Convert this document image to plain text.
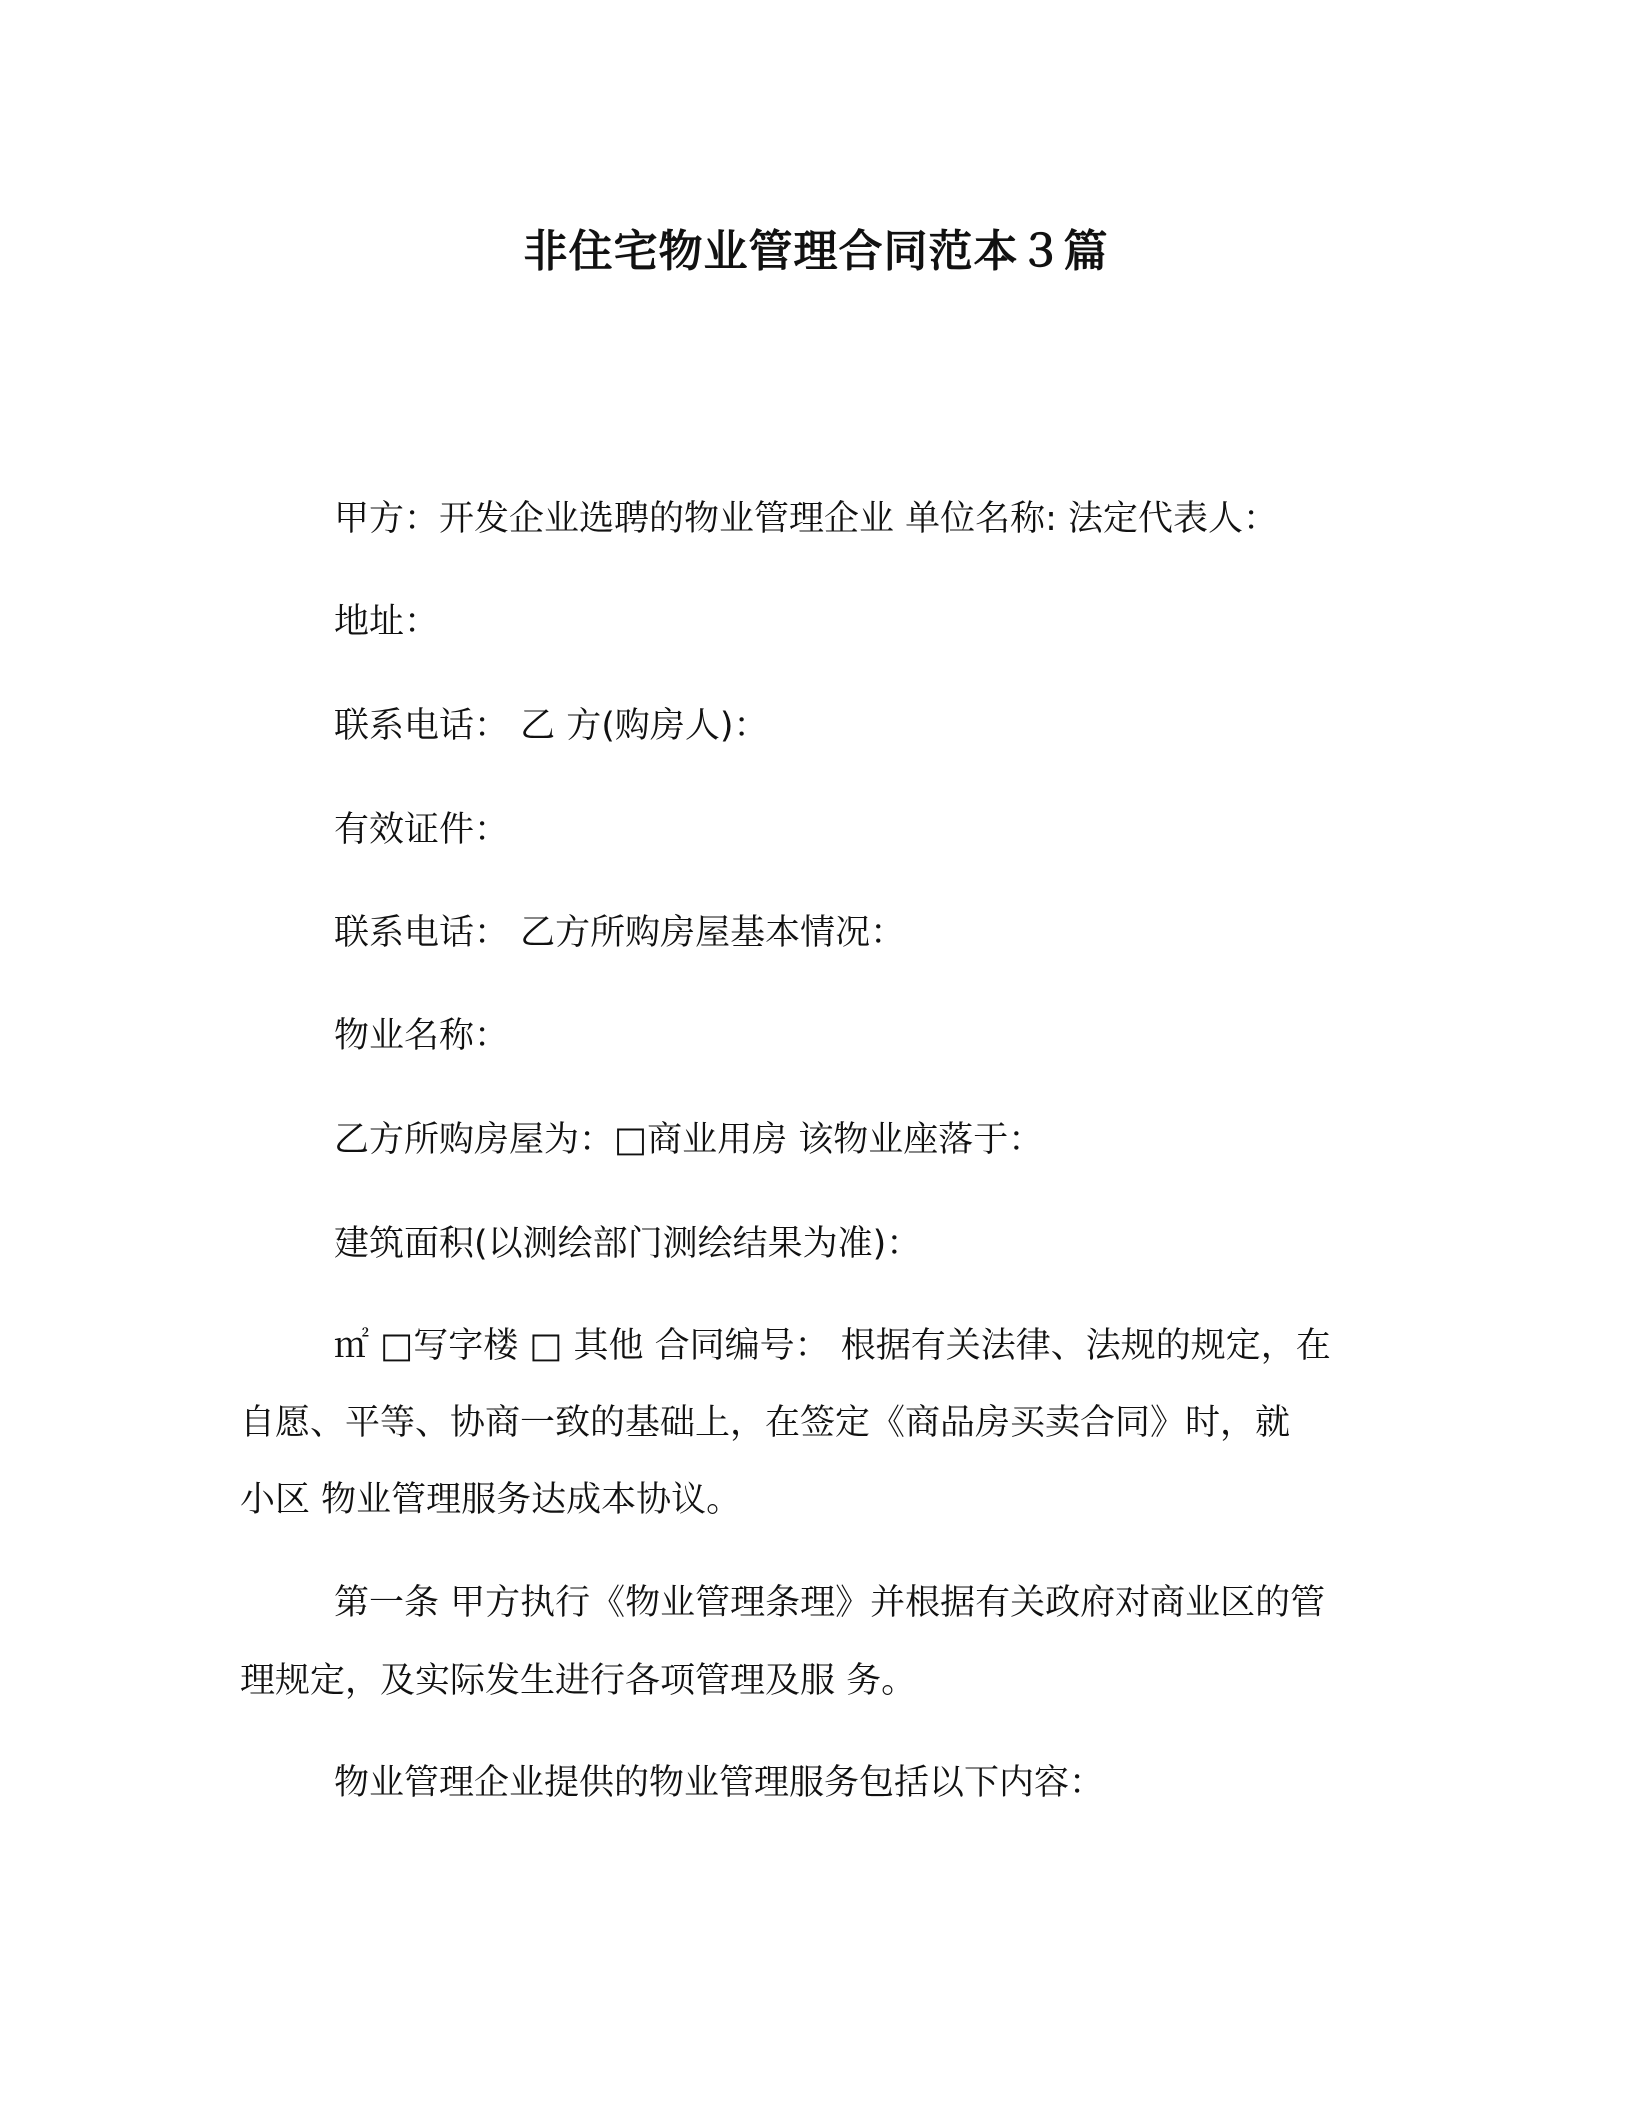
非住宅物业管理合同范本３篇

甲方：开发企业选聘的物业管理企业 单位名称: 法定代表人：

地址：

联系电话： 乙 方(购房人)：

有效证件：

联系电话： 乙方所购房屋基本情况：

物业名称：

乙方所购房屋为：□商业用房 该物业座落于：

建筑面积(以测绘部门测绘结果为准)：

㎡ □写字楼 □ 其他 合同编号： 根据有关法律、法规的规定，在

自愿、平等、协商一致的基础上，在签定《商品房买卖合同》时，就

小区 物业管理服务达成本协议。

第一条 甲方执行《物业管理条理》并根据有关政府对商业区的管

理规定，及实际发生进行各项管理及服 务。

物业管理企业提供的物业管理服务包括以下内容：
